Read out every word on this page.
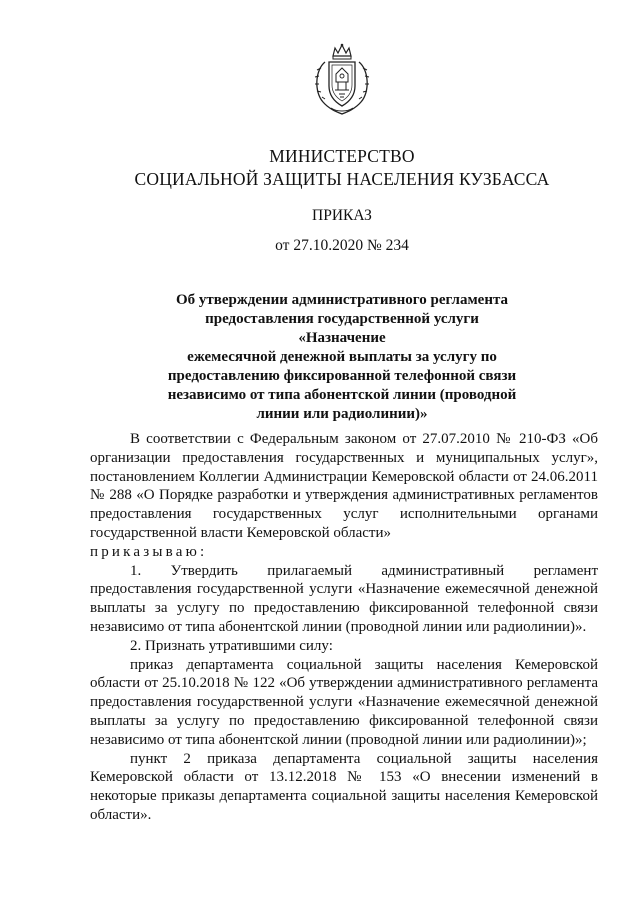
МИНИСТЕРСТВО
СОЦИАЛЬНОЙ ЗАЩИТЫ НАСЕЛЕНИЯ КУЗБАССА
ПРИКАЗ
от 27.10.2020 № 234
Об утверждении административного регламента
предоставления государственной услуги «Назначение
ежемесячной денежной выплаты за услугу по
предоставлению фиксированной телефонной связи
независимо от типа абонентской линии (проводной
линии или радиолинии)»

В соответствии с Федеральным законом от 27.07.2010 № 210-ФЗ «Об организации предоставления государственных и муниципальных услуг», постановлением Коллегии Администрации Кемеровской области от 24.06.2011 № 288 «О Порядке разработки и утверждения административных регламентов предоставления государственных услуг исполнительными органами государственной власти Кемеровской области»

приказываю:

1. Утвердить прилагаемый административный регламент предоставления государственной услуги «Назначение ежемесячной денежной выплаты за услугу по предоставлению фиксированной телефонной связи независимо от типа абонентской линии (проводной линии или радиолинии)».

2. Признать утратившими силу:

приказ департамента социальной защиты населения Кемеровской области от 25.10.2018 № 122 «Об утверждении административного регламента предоставления государственной услуги «Назначение ежемесячной денежной выплаты за услугу по предоставлению фиксированной телефонной связи независимо от типа абонентской линии (проводной линии или радиолинии)»;

пункт 2 приказа департамента социальной защиты населения Кемеровской области от 13.12.2018 № 153 «О внесении изменений в некоторые приказы департамента социальной защиты населения Кемеровской области».
